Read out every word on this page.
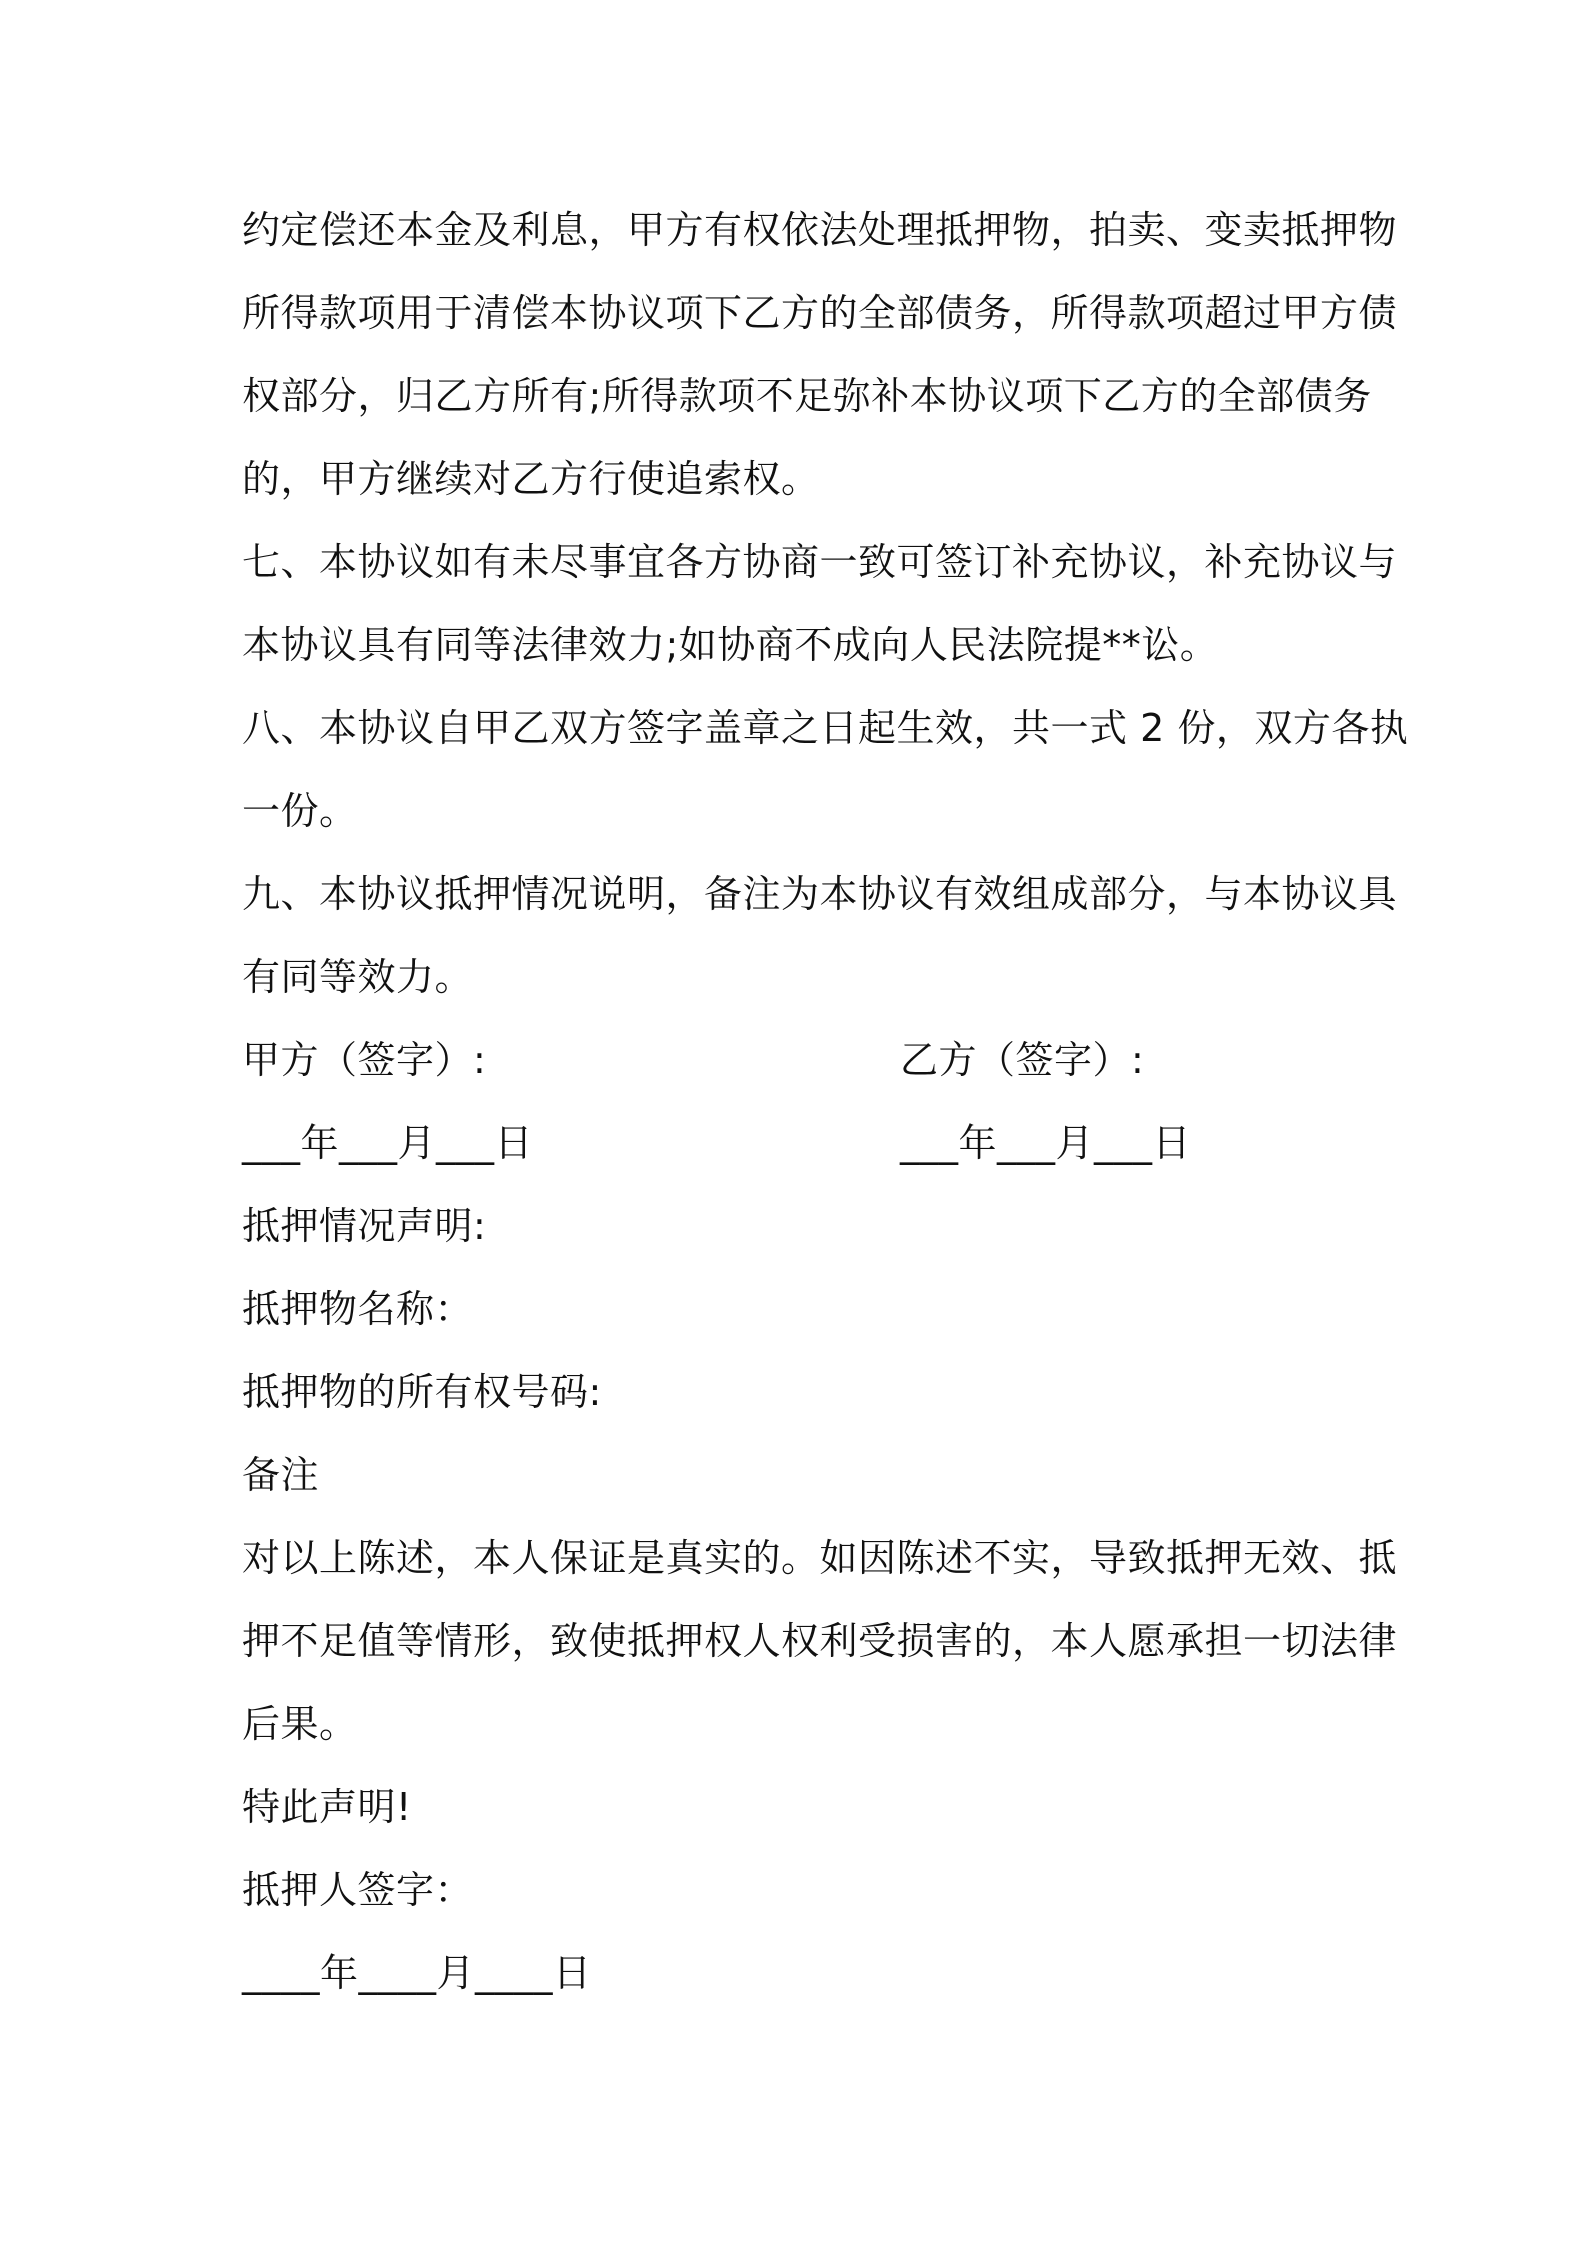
约定偿还本金及利息，甲方有权依法处理抵押物，拍卖、变卖抵押物
所得款项用于清偿本协议项下乙方的全部债务，所得款项超过甲方债
权部分，归乙方所有;所得款项不足弥补本协议项下乙方的全部债务
的，甲方继续对乙方行使追索权。
七、本协议如有未尽事宜各方协商一致可签订补充协议，补充协议与
本协议具有同等法律效力;如协商不成向人民法院提**讼。
八、本协议自甲乙双方签字盖章之日起生效，共一式 2 份，双方各执
一份。
九、本协议抵押情况说明，备注为本协议有效组成部分，与本协议具
有同等效力。
甲方（签字）:	乙方（签字）:
___年___月___日	___年___月___日
抵押情况声明:
抵押物名称：
抵押物的所有权号码:
备注
对以上陈述，本人保证是真实的。如因陈述不实，导致抵押无效、抵
押不足值等情形，致使抵押权人权利受损害的，本人愿承担一切法律
后果。
特此声明!
抵押人签字：
____年____月____日
